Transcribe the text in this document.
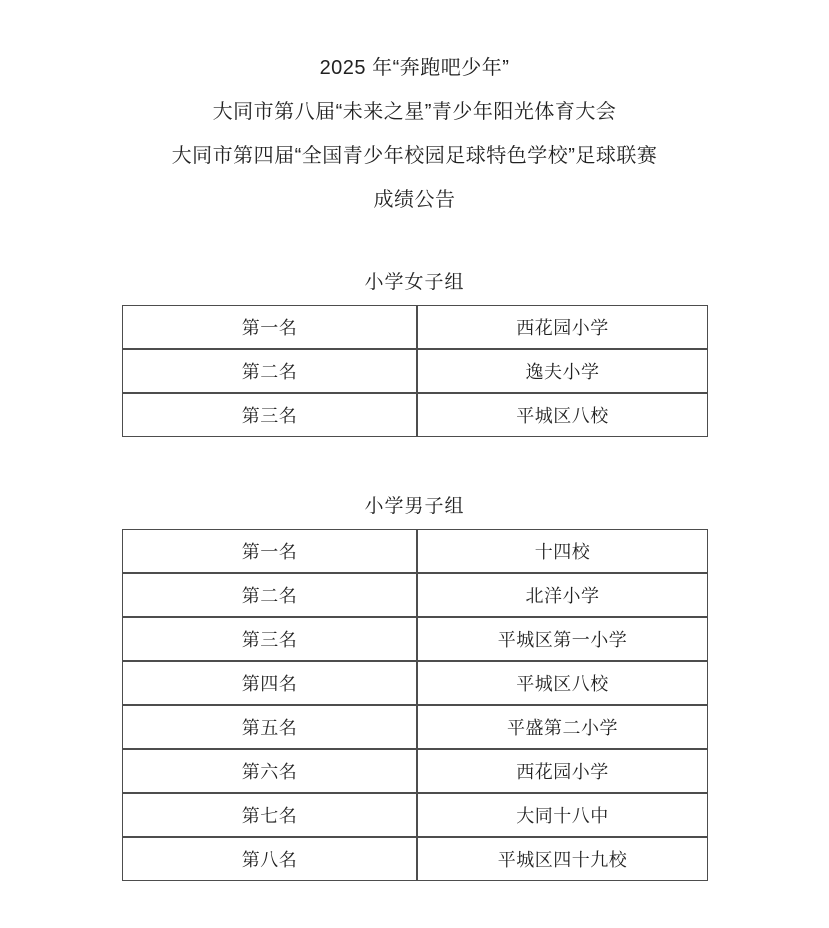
2025 年“奔跑吧少年”

大同市第八届“未来之星”青少年阳光体育大会

大同市第四届“全国青少年校园足球特色学校”足球联赛

成绩公告

小学女子组
第一名	西花园小学
第二名	逸夫小学
第三名	平城区八校
小学男子组
第一名	十四校
第二名	北洋小学
第三名	平城区第一小学
第四名	平城区八校
第五名	平盛第二小学
第六名	西花园小学
第七名	大同十八中
第八名	平城区四十九校
